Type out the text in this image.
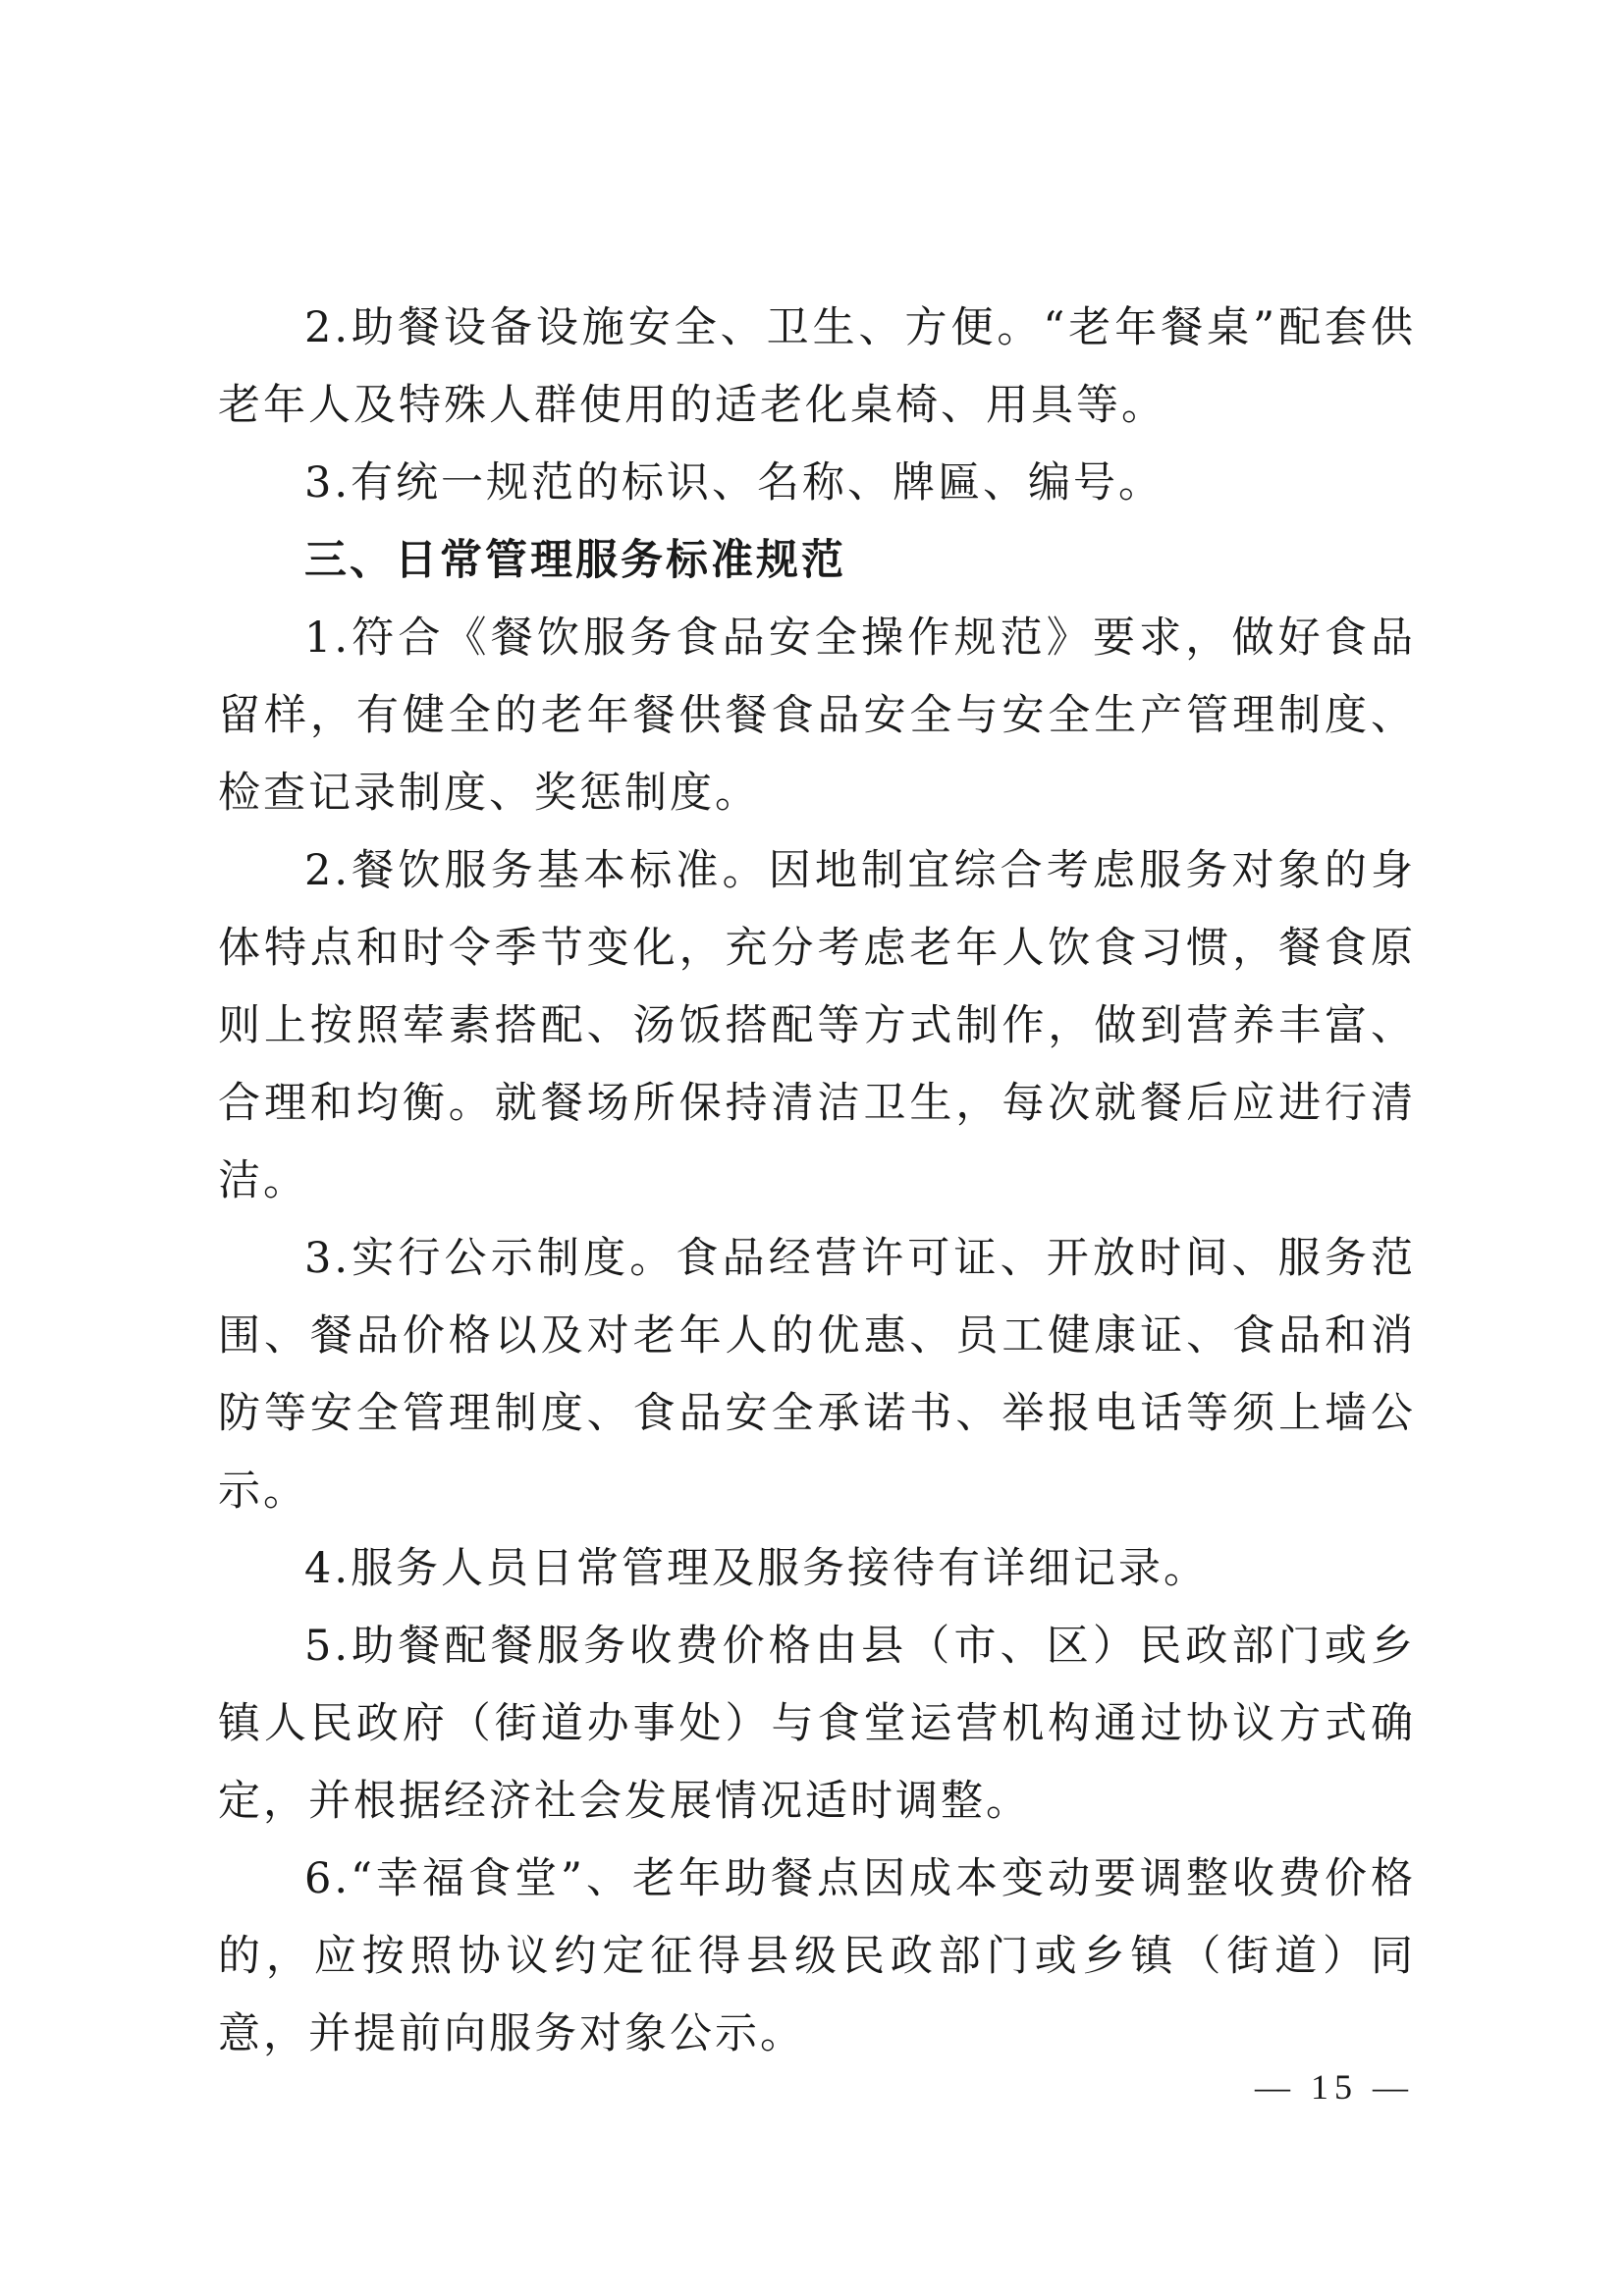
2.助餐设备设施安全、卫生、方便。“老年餐桌”配套供老年人及特殊人群使用的适老化桌椅、用具等。

3.有统一规范的标识、名称、牌匾、编号。

三、日常管理服务标准规范

1.符合《餐饮服务食品安全操作规范》要求，做好食品留样，有健全的老年餐供餐食品安全与安全生产管理制度、检查记录制度、奖惩制度。

2.餐饮服务基本标准。因地制宜综合考虑服务对象的身体特点和时令季节变化，充分考虑老年人饮食习惯，餐食原则上按照荤素搭配、汤饭搭配等方式制作，做到营养丰富、合理和均衡。就餐场所保持清洁卫生，每次就餐后应进行清洁。

3.实行公示制度。食品经营许可证、开放时间、服务范围、餐品价格以及对老年人的优惠、员工健康证、食品和消防等安全管理制度、食品安全承诺书、举报电话等须上墙公示。

4.服务人员日常管理及服务接待有详细记录。

5.助餐配餐服务收费价格由县（市、区）民政部门或乡镇人民政府（街道办事处）与食堂运营机构通过协议方式确定，并根据经济社会发展情况适时调整。

6.“幸福食堂”、老年助餐点因成本变动要调整收费价格的，应按照协议约定征得县级民政部门或乡镇（街道）同意，并提前向服务对象公示。

— 15 —
